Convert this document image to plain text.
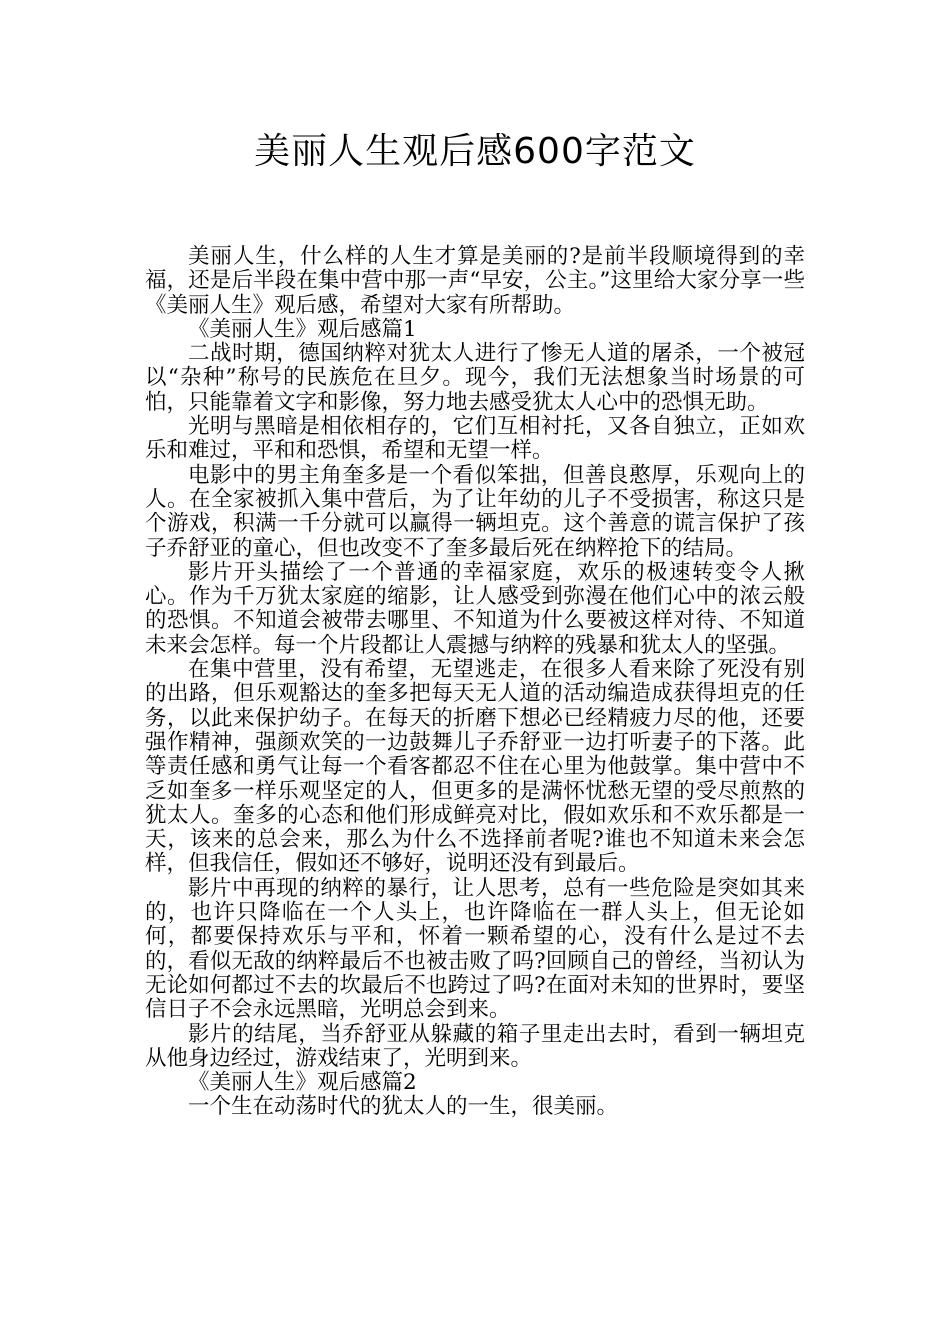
美丽人生观后感600字范文

美丽人生，什么样的人生才算是美丽的?是前半段顺境得到的幸福，还是后半段在集中营中那一声“早安，公主。”这里给大家分享一些《美丽人生》观后感，希望对大家有所帮助。

《美丽人生》观后感篇1

二战时期，德国纳粹对犹太人进行了惨无人道的屠杀，一个被冠以“杂种”称号的民族危在旦夕。现今，我们无法想象当时场景的可怕，只能靠着文字和影像，努力地去感受犹太人心中的恐惧无助。

光明与黑暗是相依相存的，它们互相衬托，又各自独立，正如欢乐和难过，平和和恐惧，希望和无望一样。

电影中的男主角奎多是一个看似笨拙，但善良憨厚，乐观向上的人。在全家被抓入集中营后，为了让年幼的儿子不受损害，称这只是个游戏，积满一千分就可以赢得一辆坦克。这个善意的谎言保护了孩子乔舒亚的童心，但也改变不了奎多最后死在纳粹抢下的结局。

影片开头描绘了一个普通的幸福家庭，欢乐的极速转变令人揪心。作为千万犹太家庭的缩影，让人感受到弥漫在他们心中的浓云般的恐惧。不知道会被带去哪里、不知道为什么要被这样对待、不知道未来会怎样。每一个片段都让人震撼与纳粹的残暴和犹太人的坚强。

在集中营里，没有希望，无望逃走，在很多人看来除了死没有别的出路，但乐观豁达的奎多把每天无人道的活动编造成获得坦克的任务，以此来保护幼子。在每天的折磨下想必已经精疲力尽的他，还要强作精神，强颜欢笑的一边鼓舞儿子乔舒亚一边打听妻子的下落。此等责任感和勇气让每一个看客都忍不住在心里为他鼓掌。集中营中不乏如奎多一样乐观坚定的人，但更多的是满怀忧愁无望的受尽煎熬的犹太人。奎多的心态和他们形成鲜亮对比，假如欢乐和不欢乐都是一天，该来的总会来，那么为什么不选择前者呢?谁也不知道未来会怎样，但我信任，假如还不够好，说明还没有到最后。

影片中再现的纳粹的暴行，让人思考，总有一些危险是突如其来的，也许只降临在一个人头上，也许降临在一群人头上，但无论如何，都要保持欢乐与平和，怀着一颗希望的心，没有什么是过不去的，看似无敌的纳粹最后不也被击败了吗?回顾自己的曾经，当初认为无论如何都过不去的坎最后不也跨过了吗?在面对未知的世界时，要坚信日子不会永远黑暗，光明总会到来。

影片的结尾，当乔舒亚从躲藏的箱子里走出去时，看到一辆坦克从他身边经过，游戏结束了，光明到来。

《美丽人生》观后感篇2

一个生在动荡时代的犹太人的一生，很美丽。
